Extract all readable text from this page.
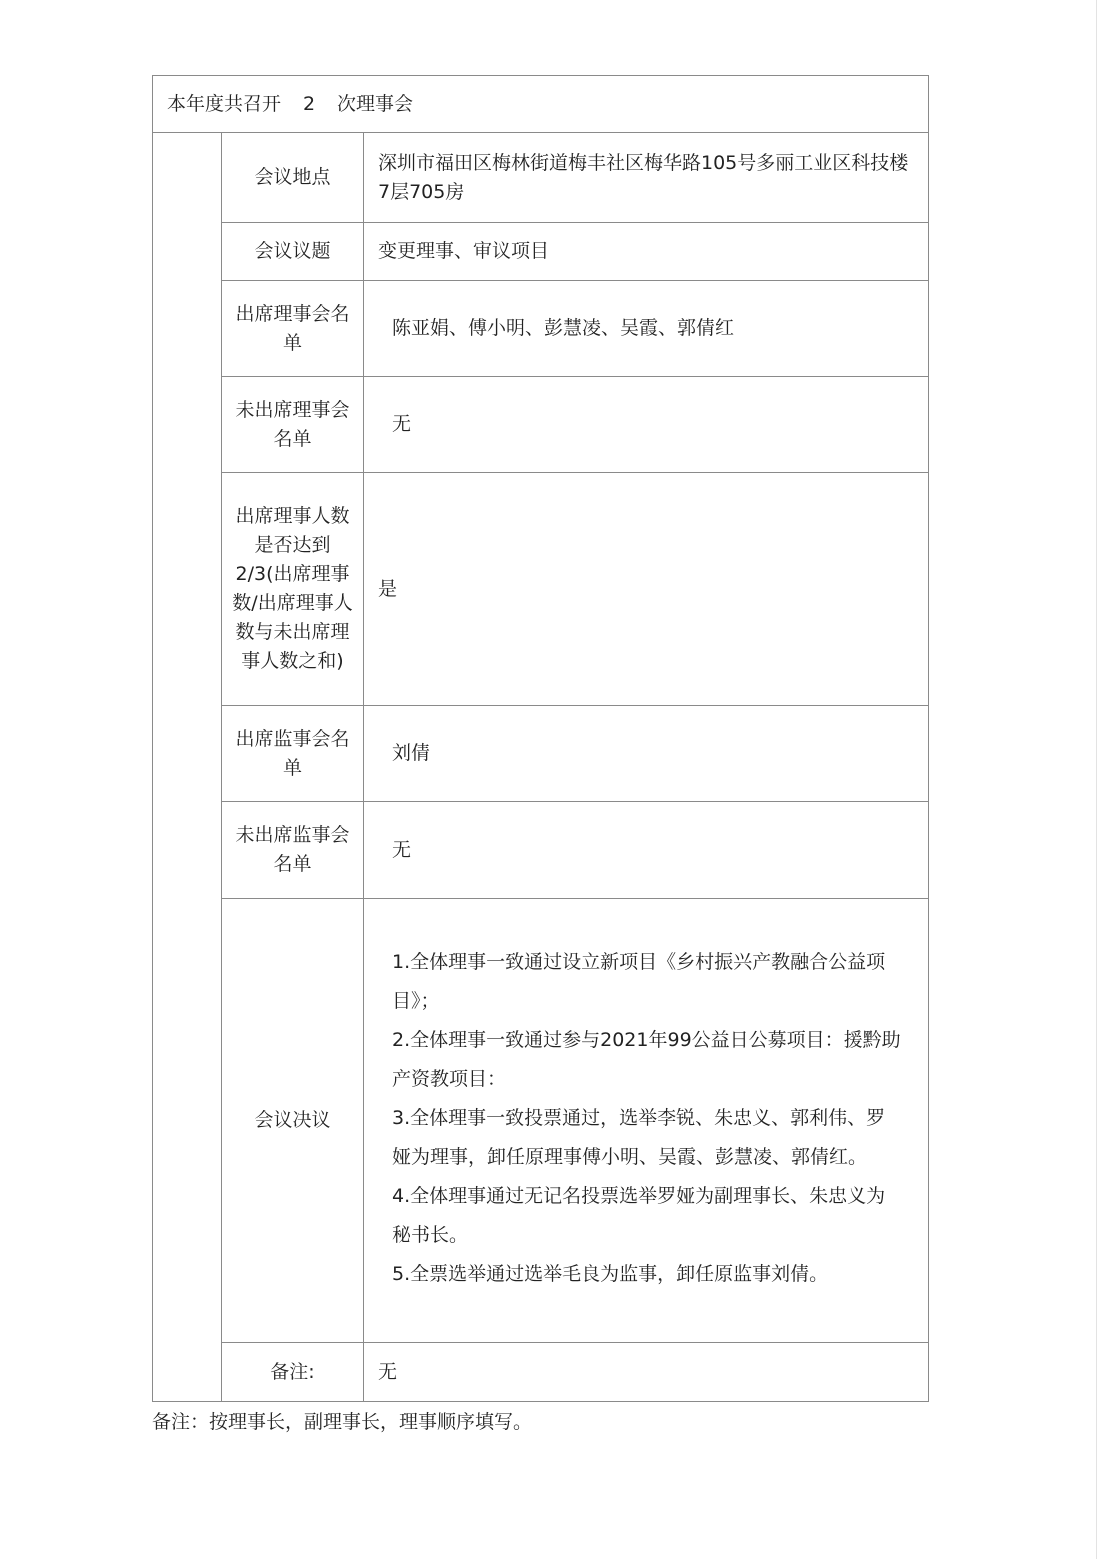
本年度共召开 2 次理事会		
	会议地点	深圳市福田区梅林街道梅丰社区梅华路105号多丽工业区科技楼7层705房
	会议议题	变更理事、审议项目
	出席理事会名单	陈亚娟、傅小明、彭慧凌、吴霞、郭倩红
	未出席理事会名单	无
	出席理事人数是否达到2/3(出席理事数/出席理事人数与未出席理事人数之和)	是
	出席监事会名单	刘倩
	未出席监事会名单	无
	会议决议	1.全体理事一致通过设立新项目《乡村振兴产教融合公益项目》；
2.全体理事一致通过参与2021年99公益日公募项目：援黔助产资教项目：
3.全体理事一致投票通过，选举李锐、朱忠义、郭利伟、罗娅为理事，卸任原理事傅小明、吴霞、彭慧凌、郭倩红。
4.全体理事通过无记名投票选举罗娅为副理事长、朱忠义为秘书长。
5.全票选举通过选举毛良为监事，卸任原监事刘倩。

	备注:	无
备注：按理事长，副理事长，理事顺序填写。
